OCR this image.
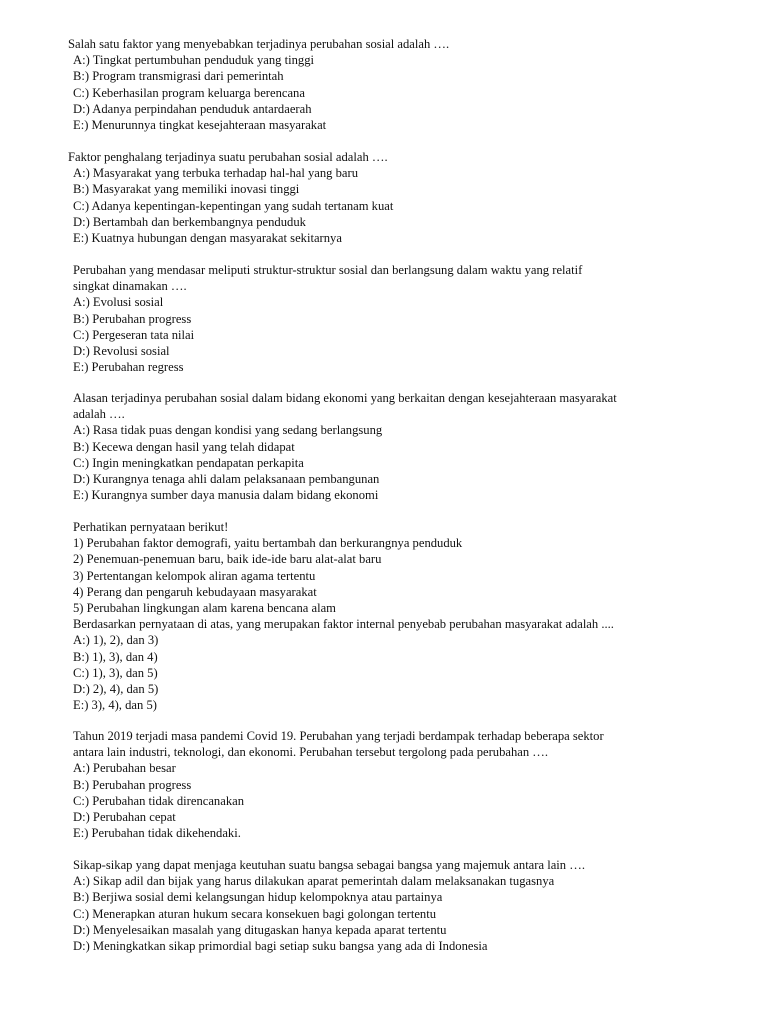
Salah satu faktor yang menyebabkan terjadinya perubahan sosial adalah ….
A:) Tingkat pertumbuhan penduduk yang tinggi
B:) Program transmigrasi dari pemerintah
C:) Keberhasilan program keluarga berencana
D:) Adanya perpindahan penduduk antardaerah
E:) Menurunnya tingkat kesejahteraan masyarakat
Faktor penghalang terjadinya suatu perubahan sosial adalah ….
A:) Masyarakat yang terbuka terhadap hal-hal yang baru
B:) Masyarakat yang memiliki inovasi tinggi
C:) Adanya kepentingan-kepentingan yang sudah tertanam kuat
D:) Bertambah dan berkembangnya penduduk
E:) Kuatnya hubungan dengan masyarakat sekitarnya
Perubahan yang mendasar meliputi struktur-struktur sosial dan berlangsung dalam waktu yang relatif
singkat dinamakan ….
A:) Evolusi sosial
B:) Perubahan progress
C:) Pergeseran tata nilai
D:) Revolusi sosial
E:) Perubahan regress
Alasan terjadinya perubahan sosial dalam bidang ekonomi yang berkaitan dengan kesejahteraan masyarakat
adalah ….
A:) Rasa tidak puas dengan kondisi yang sedang berlangsung
B:) Kecewa dengan hasil yang telah didapat
C:) Ingin meningkatkan pendapatan perkapita
D:) Kurangnya tenaga ahli dalam pelaksanaan pembangunan
E:) Kurangnya sumber daya manusia dalam bidang ekonomi
Perhatikan pernyataan berikut!
1) Perubahan faktor demografi, yaitu bertambah dan berkurangnya penduduk
2) Penemuan-penemuan baru, baik ide-ide baru alat-alat baru
3) Pertentangan kelompok aliran agama tertentu
4) Perang dan pengaruh kebudayaan masyarakat
5) Perubahan lingkungan alam karena bencana alam
Berdasarkan pernyataan di atas, yang merupakan faktor internal penyebab perubahan masyarakat adalah ....
A:) 1), 2), dan 3)
B:) 1), 3), dan 4)
C:) 1), 3), dan 5)
D:) 2), 4), dan 5)
E:) 3), 4), dan 5)
Tahun 2019 terjadi masa pandemi Covid 19. Perubahan yang terjadi berdampak terhadap beberapa sektor
antara lain industri, teknologi, dan ekonomi. Perubahan tersebut tergolong pada perubahan ….
A:) Perubahan besar
B:) Perubahan progress
C:) Perubahan tidak direncanakan
D:) Perubahan cepat
E:) Perubahan tidak dikehendaki.
Sikap-sikap yang dapat menjaga keutuhan suatu bangsa sebagai bangsa yang majemuk antara lain ….
A:) Sikap adil dan bijak yang harus dilakukan aparat pemerintah dalam melaksanakan tugasnya
B:) Berjiwa sosial demi kelangsungan hidup kelompoknya atau partainya
C:) Menerapkan aturan hukum secara konsekuen bagi golongan tertentu
D:) Menyelesaikan masalah yang ditugaskan hanya kepada aparat tertentu
D:) Meningkatkan sikap primordial bagi setiap suku bangsa yang ada di Indonesia
